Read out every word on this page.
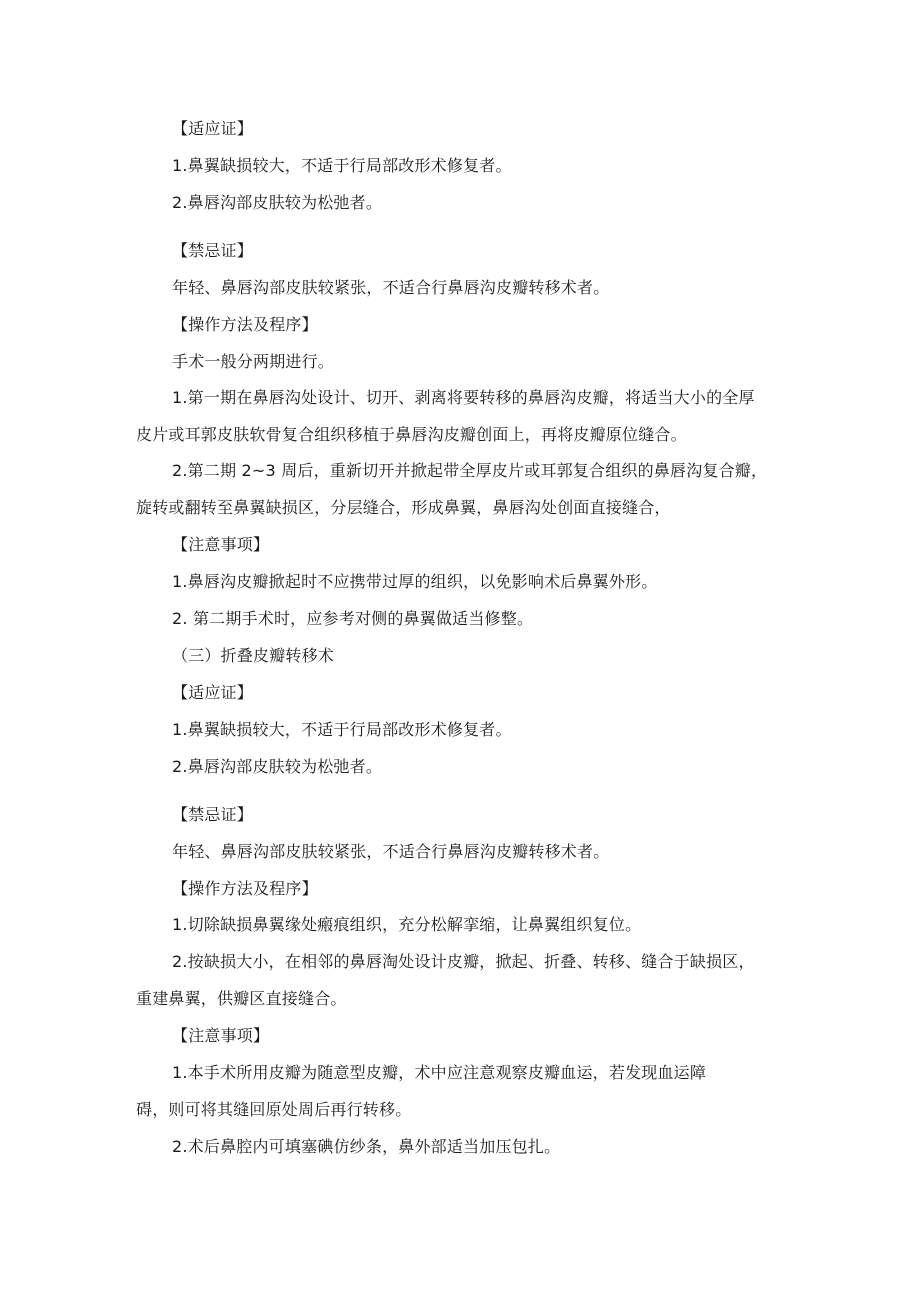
【适应证】
1.鼻翼缺损较大，不适于行局部改形术修复者。
2.鼻唇沟部皮肤较为松弛者。
【禁忌证】
年轻、鼻唇沟部皮肤较紧张，不适合行鼻唇沟皮瓣转移术者。
【操作方法及程序】
手术一般分两期进行。
1.第一期在鼻唇沟处设计、切开、剥离将要转移的鼻唇沟皮瓣，将适当大小的全厚
皮片或耳郭皮肤软骨复合组织移植于鼻唇沟皮瓣创面上，再将皮瓣原位缝合。
2.第二期 2~3 周后，重新切开并掀起带全厚皮片或耳郭复合组织的鼻唇沟复合瓣，
旋转或翻转至鼻翼缺损区，分层缝合，形成鼻翼，鼻唇沟处创面直接缝合，
【注意事项】
1.鼻唇沟皮瓣掀起时不应携带过厚的组织，以免影响术后鼻翼外形。
2. 第二期手术时，应参考对侧的鼻翼做适当修整。
（三）折叠皮瓣转移术
【适应证】
1.鼻翼缺损较大，不适于行局部改形术修复者。
2.鼻唇沟部皮肤较为松弛者。
【禁忌证】
年轻、鼻唇沟部皮肤较紧张，不适合行鼻唇沟皮瓣转移术者。
【操作方法及程序】
1.切除缺损鼻翼缘处瘢痕组织，充分松解挛缩，让鼻翼组织复位。
2.按缺损大小，在相邻的鼻唇淘处设计皮瓣，掀起、折叠、转移、缝合于缺损区，
重建鼻翼，供瓣区直接缝合。
【注意事项】
1.本手术所用皮瓣为随意型皮瓣，术中应注意观察皮瓣血运，若发现血运障
碍，则可将其缝回原处周后再行转移。
2.术后鼻腔内可填塞碘仿纱条，鼻外部适当加压包扎。
